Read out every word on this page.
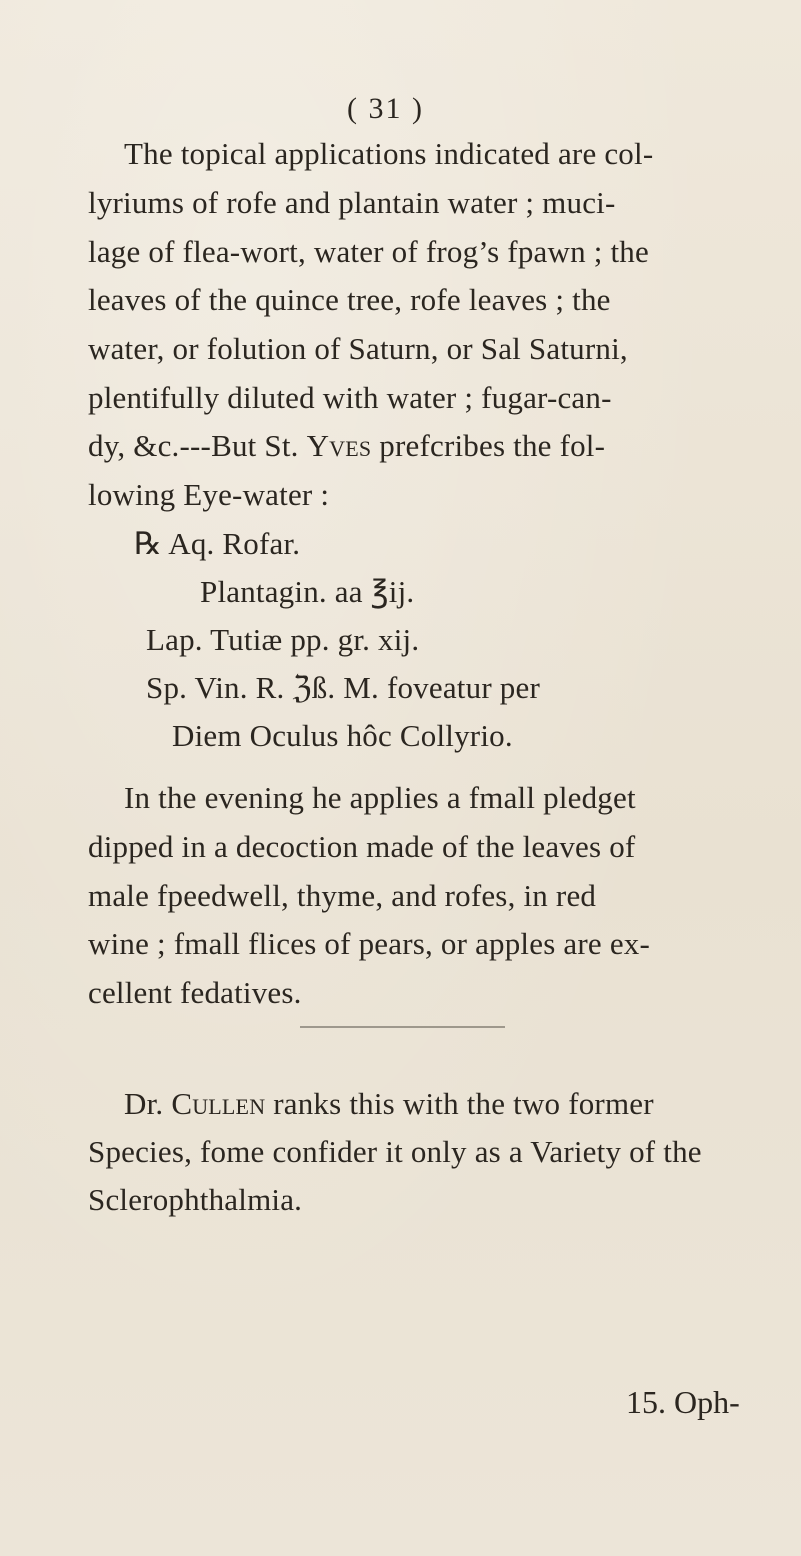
( 31 )
The topical applications indicated are col-
lyriums of rofe and plantain water ; muci-
lage of flea-wort, water of frog’s fpawn ; the
leaves of the quince tree, rofe leaves ; the
water, or folution of Saturn, or Sal Saturni,
plentifully diluted with water ; fugar-can-
dy, &c.---But St. Yves prefcribes the fol-
lowing Eye-water :
℞ Aq. Rofar.
Plantagin. aa ℥ij.
Lap. Tutiæ pp. gr. xij.
Sp. Vin. R. ℨß. M. foveatur per
Diem Oculus hôc Collyrio.
In the evening he applies a fmall pledget
dipped in a decoction made of the leaves of
male fpeedwell, thyme, and rofes, in red
wine ; fmall flices of pears, or apples are ex-
cellent fedatives.
Dr. Cullen ranks this with the two former
Species, fome confider it only as a Variety of the
Sclerophthalmia.
15. Oph-
